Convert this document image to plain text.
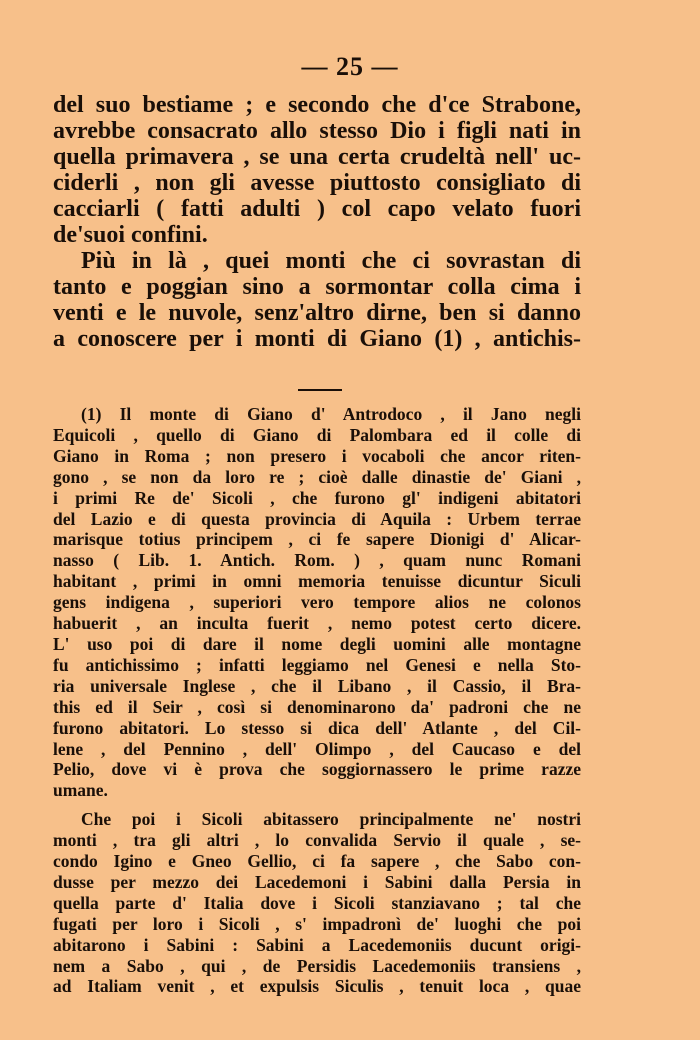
— 25 —
del suo bestiame ; e secondo che d'ce Strabone,
avrebbe consacrato allo stesso Dio i figli nati in
quella primavera , se una certa crudeltà nell' uc-
ciderli , non gli avesse piuttosto consigliato di
cacciarli ( fatti adulti ) col capo velato fuori
de'suoi confini.
Più in là , quei monti che ci sovrastan di
tanto e poggian sino a sormontar colla cima i
venti e le nuvole, senz'altro dirne, ben si danno
a conoscere per i monti di Giano (1) , antichis-
(1) Il monte di Giano d' Antrodoco , il Jano negli
Equicoli , quello di Giano di Palombara ed il colle di
Giano in Roma ; non presero i vocaboli che ancor riten-
gono , se non da loro re ; cioè dalle dinastie de' Giani ,
i primi Re de' Sicoli , che furono gl' indigeni abitatori
del Lazio e di questa provincia di Aquila : Urbem terrae
marisque totius principem , ci fe sapere Dionigi d' Alicar-
nasso ( Lib. 1. Antich. Rom. ) , quam nunc Romani
habitant , primi in omni memoria tenuisse dicuntur Siculi
gens indigena , superiori vero tempore alios ne colonos
habuerit , an inculta fuerit , nemo potest certo dicere.
L' uso poi di dare il nome degli uomini alle montagne
fu antichissimo ; infatti leggiamo nel Genesi e nella Sto-
ria universale Inglese , che il Libano , il Cassio, il Bra-
this ed il Seir , così si denominarono da' padroni che ne
furono abitatori. Lo stesso si dica dell' Atlante , del Cil-
lene , del Pennino , dell' Olimpo , del Caucaso e del
Pelio, dove vi è prova che soggiornassero le prime razze
umane.
Che poi i Sicoli abitassero principalmente ne' nostri
monti , tra gli altri , lo convalida Servio il quale , se-
condo Igino e Gneo Gellio, ci fa sapere , che Sabo con-
dusse per mezzo dei Lacedemoni i Sabini dalla Persia in
quella parte d' Italia dove i Sicoli stanziavano ; tal che
fugati per loro i Sicoli , s' impadronì de' luoghi che poi
abitarono i Sabini : Sabini a Lacedemoniis ducunt origi-
nem a Sabo , qui , de Persidis Lacedemoniis transiens ,
ad Italiam venit , et expulsis Siculis , tenuit loca , quae
